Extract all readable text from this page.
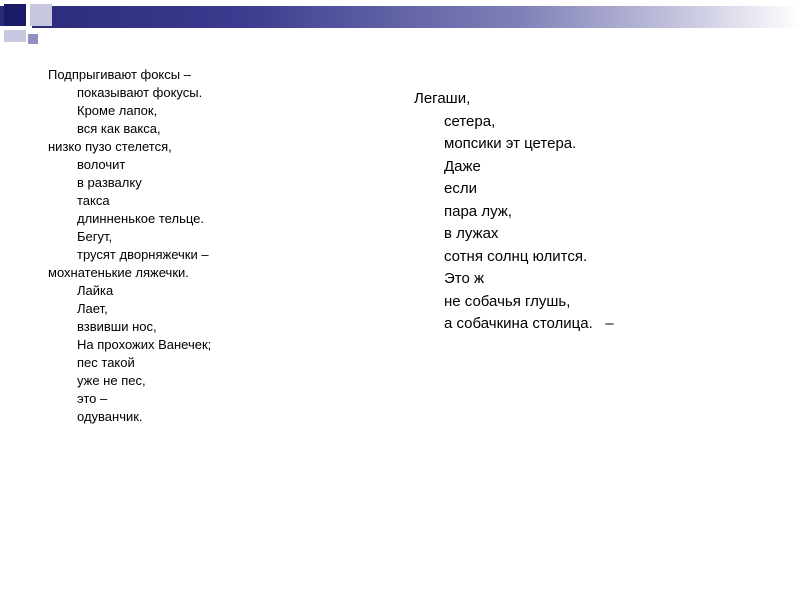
Подпрыгивают фоксы –
показывают фокусы.
Кроме лапок,
вся как вакса,
низко пузо стелется,
волочит
в развалку
такса
длинненькое тельце.
Бегут,
трусят дворняжечки –
мохнатенькие ляжечки.
Лайка
Лает,
взвивши нос,
На прохожих Ванечек;
пес такой
уже не пес,
это –
одуванчик.
Легаши,
сетера,
мопсики эт цетера.
Даже
если
пара луж,
в лужах
сотня солнц юлится.
Это ж
не собачья глушь,
а собачкина столица.   –
